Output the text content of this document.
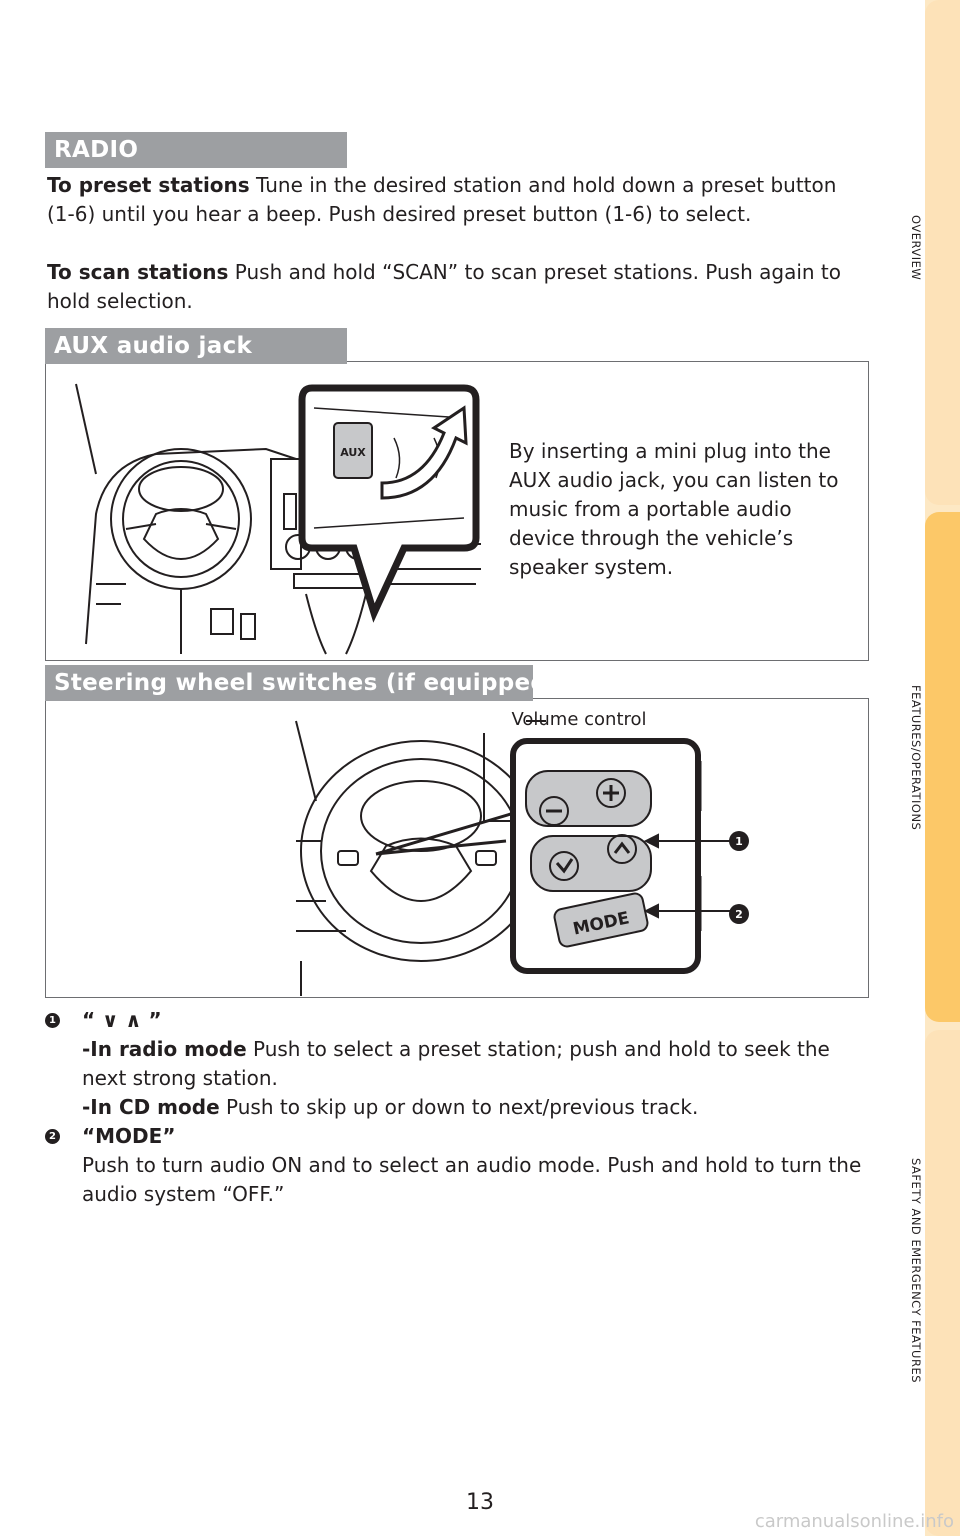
OVERVIEW
FEATURES/OPERATIONS
SAFETY AND EMERGENCY FEATURES
RADIO

To preset stations Tune in the desired station and hold down a preset button (1-6) until you hear a beep. Push desired preset button (1-6) to select.

To scan stations Push and hold “SCAN” to scan preset stations. Push again to hold selection.

AUX
AUX audio jack
By inserting a mini plug into the AUX audio jack, you can listen to music from a portable audio device through the vehicle’s speaker system.
Volume control
MODE
1
2
Steering wheel switches (if equipped)
1 “ ∨ ∧ ”
-In radio mode Push to select a preset station; push and hold to seek the next strong station.
-In CD mode Push to skip up or down to next/previous track.
2 “MODE”
Push to turn audio ON and to select an audio mode. Push and hold to turn the audio system “OFF.”
13
carmanualsonline.info
